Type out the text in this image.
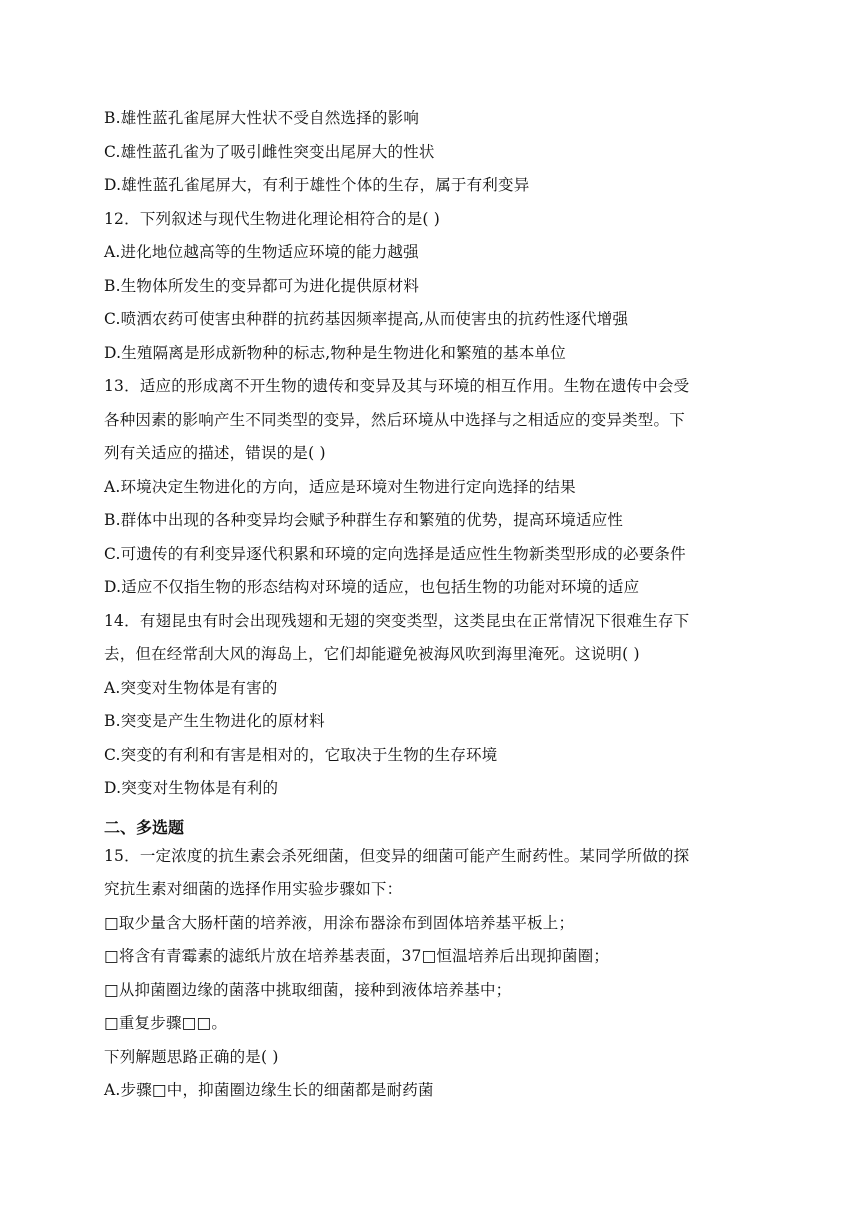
B.雄性蓝孔雀尾屏大性状不受自然选择的影响
C.雄性蓝孔雀为了吸引雌性突变出尾屏大的性状
D.雄性蓝孔雀尾屏大，有利于雄性个体的生存，属于有利变异
12．下列叙述与现代生物进化理论相符合的是( )
A.进化地位越高等的生物适应环境的能力越强
B.生物体所发生的变异都可为进化提供原材料
C.喷洒农药可使害虫种群的抗药基因频率提高,从而使害虫的抗药性逐代增强
D.生殖隔离是形成新物种的标志,物种是生物进化和繁殖的基本单位
13．适应的形成离不开生物的遗传和变异及其与环境的相互作用。生物在遗传中会受
各种因素的影响产生不同类型的变异，然后环境从中选择与之相适应的变异类型。下
列有关适应的描述，错误的是( )
A.环境决定生物进化的方向，适应是环境对生物进行定向选择的结果
B.群体中出现的各种变异均会赋予种群生存和繁殖的优势，提高环境适应性
C.可遗传的有利变异逐代积累和环境的定向选择是适应性生物新类型形成的必要条件
D.适应不仅指生物的形态结构对环境的适应，也包括生物的功能对环境的适应
14．有翅昆虫有时会出现残翅和无翅的突变类型，这类昆虫在正常情况下很难生存下
去，但在经常刮大风的海岛上，它们却能避免被海风吹到海里淹死。这说明( )
A.突变对生物体是有害的
B.突变是产生生物进化的原材料
C.突变的有利和有害是相对的，它取决于生物的生存环境
D.突变对生物体是有利的
二、多选题
15．一定浓度的抗生素会杀死细菌，但变异的细菌可能产生耐药性。某同学所做的探
究抗生素对细菌的选择作用实验步骤如下：
□取少量含大肠杆菌的培养液，用涂布器涂布到固体培养基平板上；
□将含有青霉素的滤纸片放在培养基表面，37□恒温培养后出现抑菌圈；
□从抑菌圈边缘的菌落中挑取细菌，接种到液体培养基中；
□重复步骤□□。
下列解题思路正确的是( )
A.步骤□中，抑菌圈边缘生长的细菌都是耐药菌
